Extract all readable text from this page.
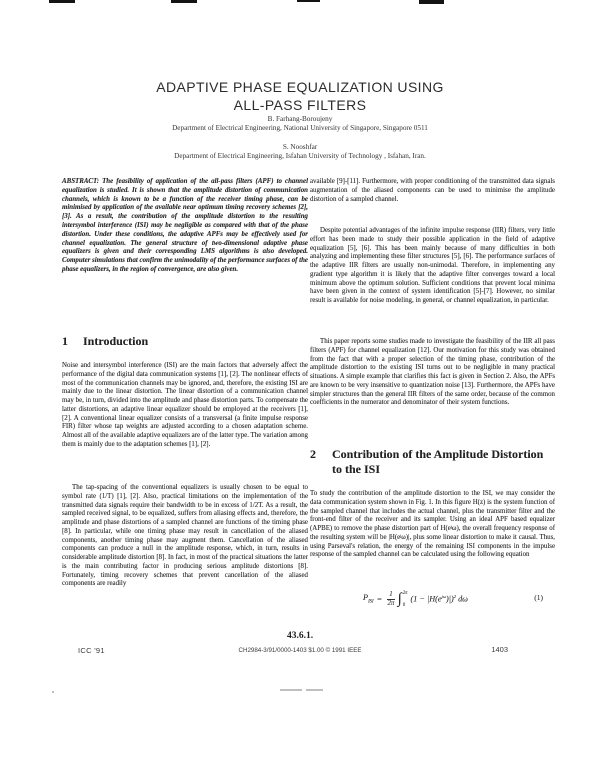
ADAPTIVE PHASE EQUALIZATION USING
ALL-PASS FILTERS
B. Farhang-Boroujeny
Department of Electrical Engineering, National University of Singapore, Singapore 0511
S. Nooshfar
Department of Electrical Engineering, Isfahan University of Technology , Isfahan, Iran.
ABSTRACT: The feasibility of application of the all-pass filters (APF) to channel equalization is studied. It is shown that the amplitude distortion of communication channels, which is known to be a function of the receiver timing phase, can be minimised by application of the available near optimum timing recovery schemes [2],[3]. As a result, the contribution of the amplitude distortion to the resulting intersymbol interference (ISI) may be negligible as compared with that of the phase distortion. Under these conditions, the adaptive APFs may be effectively used for channel equalization. The general structure of two-dimensional adaptive phase equalizers is given and their corresponding LMS algorithms is also developed. Computer simulations that confirm the unimodality of the performance surfaces of the phase equalizers, in the region of convergence, are also given.
1 Introduction
Noise and intersymbol interference (ISI) are the main factors that adversely affect the performance of the digital data communication systems [1], [2]. The nonlinear effects of most of the communication channels may be ignored, and, therefore, the existing ISI are mainly due to the linear distortion. The linear distortion of a communication channel may be, in turn, divided into the amplitude and phase distortion parts. To compensate the latter distortions, an adaptive linear equalizer should be employed at the receivers [1], [2]. A conventional linear equalizer consists of a transversal (a finite impulse response FIR) filter whose tap weights are adjusted according to a chosen adaptation scheme. Almost all of the available adaptive equalizers are of the latter type. The variation among them is mainly due to the adaptation schemes [1], [2].
The tap-spacing of the conventional equalizers is usually chosen to be equal to symbol rate (1/T) [1], [2]. Also, practical limitations on the implementation of the transmitted data signals require their bandwidth to be in excess of 1/2T. As a result, the sampled received signal, to be equalized, suffers from aliasing effects and, therefore, the amplitude and phase distortions of a sampled channel are functions of the timing phase [8]. In particular, while one timing phase may result in cancellation of the aliased components, another timing phase may augment them. Cancellation of the aliased components can produce a null in the amplitude response, which, in turn, results in considerable amplitude distortion [8]. In fact, in most of the practical situations the latter is the main contributing factor in producing serious amplitude distortions [8]. Fortunately, timing recovery schemes that prevent cancellation of the aliased components are readily
available [9]-[11]. Furthermore, with proper conditioning of the transmitted data signals augmentation of the aliased components can be used to minimise the amplitude distortion of a sampled channel.
Despite potential advantages of the infinite impulse response (IIR) filters, very little effort has been made to study their possible application in the field of adaptive equalization [5], [6]. This has been mainly because of many difficulties in both analyzing and implementing these filter structures [5], [6]. The performance surfaces of the adaptive IIR filters are usually non-unimodal. Therefore, in implementing any gradient type algorithm it is likely that the adaptive filter converges toward a local minimum above the optimum solution. Sufficient conditions that prevent local minima have been given in the context of system identification [5]-[7]. However, no similar result is available for noise modeling, in general, or channel equalization, in particular.
This paper reports some studies made to investigate the feasibility of the IIR all pass filters (APF) for channel equalization [12]. Our motivation for this study was obtained from the fact that with a proper selection of the timing phase, contribution of the amplitude distortion to the existing ISI turns out to be negligible in many practical situations. A simple example that clarifies this fact is given in Section 2. Also, the APFs are known to be very insensitive to quantization noise [13]. Furthermore, the APFs have simpler structures than the general IIR filters of the same order, because of the common coefficients in the numerator and denominator of their system functions.
2	Contribution of the Amplitude Distortion to the ISI
To study the contribution of the amplitude distortion to the ISI, we may consider the data communication system shown in Fig. 1. In this figure H(z) is the system function of the sampled channel that includes the actual channel, plus the transmitter filter and the front-end filter of the receiver and its sampler. Using an ideal APF based equalizer (APBE) to remove the phase distortion part of H(eʲω), the overall frequency response of the resulting system will be |H(eʲω)|, plus some linear distortion to make it causal. Thus, using Parseval's relation, the energy of the remaining ISI components in the impulse response of the sampled channel can be calculated using the following equation
$P_{ISI} = \frac{1}{2\pi}$ ∫ 2π
0
$(1 - |H(e^{j\omega})|)^2$ dω	(1)
43.6.1.
ICC '91	CH2984-3/91/0000-1403 $1.00 © 1991 IEEE	1403
